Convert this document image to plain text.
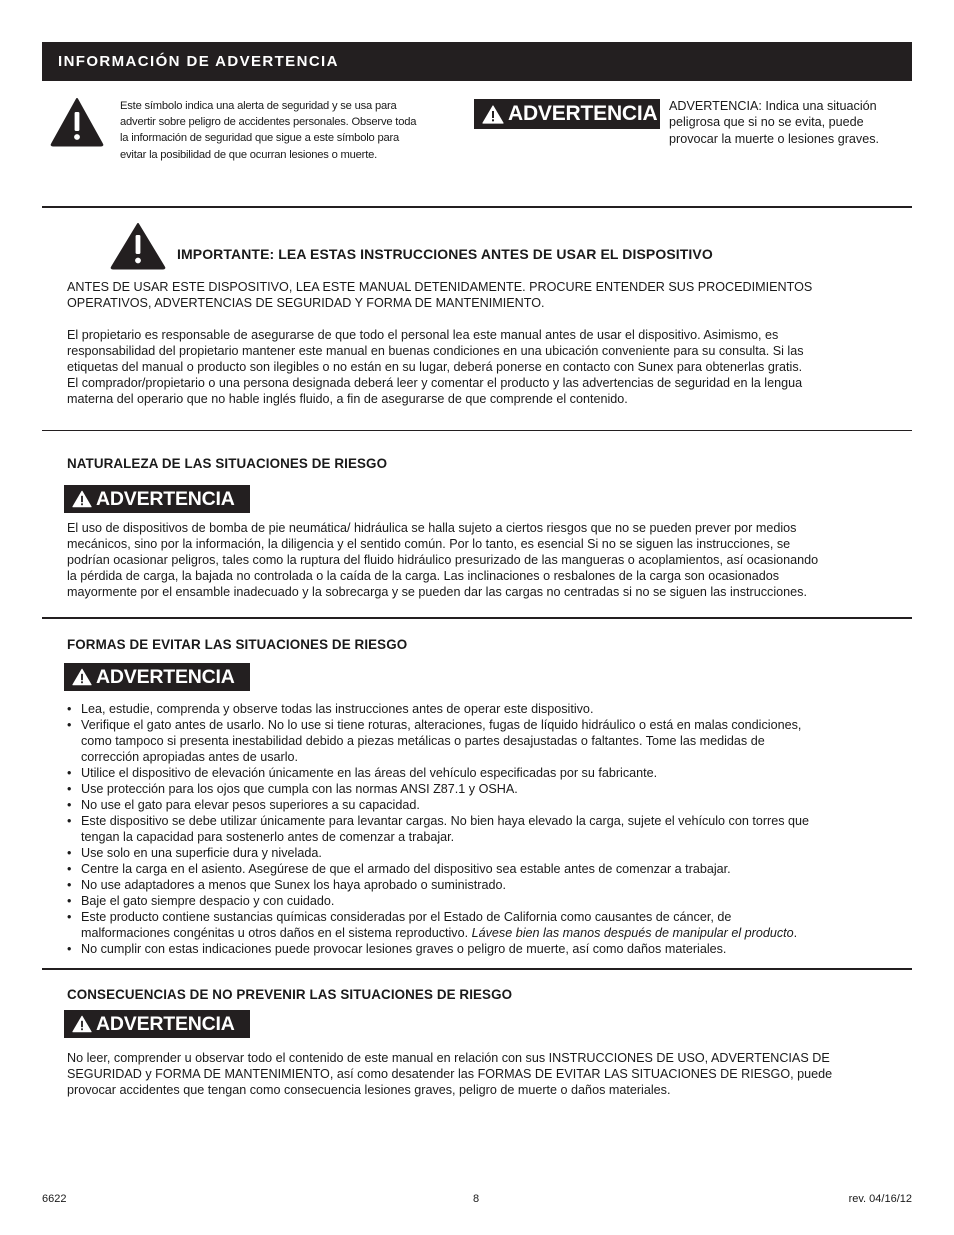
INFORMACIÓN DE ADVERTENCIA
Este símbolo indica una alerta de seguridad y se usa para
advertir sobre peligro de accidentes personales. Observe toda
la información de seguridad que sigue a este símbolo para
evitar la posibilidad de que ocurran lesiones o muerte.
ADVERTENCIA ADVERTENCIA: Indica una situación
peligrosa que si no se evita, puede
provocar la muerte o lesiones graves.
IMPORTANTE: LEA ESTAS INSTRUCCIONES ANTES DE USAR EL DISPOSITIVO
ANTES DE USAR ESTE DISPOSITIVO, LEA ESTE MANUAL DETENIDAMENTE. PROCURE ENTENDER SUS PROCEDIMIENTOS
OPERATIVOS, ADVERTENCIAS DE SEGURIDAD Y FORMA DE MANTENIMIENTO.
El propietario es responsable de asegurarse de que todo el personal lea este manual antes de usar el dispositivo. Asimismo, es
responsabilidad del propietario mantener este manual en buenas condiciones en una ubicación conveniente para su consulta. Si las
etiquetas del manual o producto son ilegibles o no están en su lugar, deberá ponerse en contacto con Sunex para obtenerlas gratis.
El comprador/propietario o una persona designada deberá leer y comentar el producto y las advertencias de seguridad en la lengua
materna del operario que no hable inglés fluido, a fin de asegurarse de que comprende el contenido.
NATURALEZA DE LAS SITUACIONES DE RIESGO
ADVERTENCIA
El uso de dispositivos de bomba de pie neumática/ hidráulica se halla sujeto a ciertos riesgos que no se pueden prever por medios
mecánicos, sino por la información, la diligencia y el sentido común. Por lo tanto, es esencial Si no se siguen las instrucciones, se
podrían ocasionar peligros, tales como la ruptura del fluido hidráulico presurizado de las mangueras o acoplamientos, así ocasionando
la pérdida de carga, la bajada no controlada o la caída de la carga. Las inclinaciones o resbalones de la carga son ocasionados
mayormente por el ensamble inadecuado y la sobrecarga y se pueden dar las cargas no centradas si no se siguen las instrucciones.
FORMAS DE EVITAR LAS SITUACIONES DE RIESGO
ADVERTENCIA
• Lea, estudie, comprenda y observe todas las instrucciones antes de operar este dispositivo.
• Verifique el gato antes de usarlo. No lo use si tiene roturas, alteraciones, fugas de líquido hidráulico o está en malas condiciones,
como tampoco si presenta inestabilidad debido a piezas metálicas o partes desajustadas o faltantes. Tome las medidas de
corrección apropiadas antes de usarlo.
• Utilice el dispositivo de elevación únicamente en las áreas del vehículo especificadas por su fabricante.
• Use protección para los ojos que cumpla con las normas ANSI Z87.1 y OSHA.
• No use el gato para elevar pesos superiores a su capacidad.
• Este dispositivo se debe utilizar únicamente para levantar cargas. No bien haya elevado la carga, sujete el vehículo con torres que
tengan la capacidad para sostenerlo antes de comenzar a trabajar.
• Use solo en una superficie dura y nivelada.
• Centre la carga en el asiento. Asegúrese de que el armado del dispositivo sea estable antes de comenzar a trabajar.
• No use adaptadores a menos que Sunex los haya aprobado o suministrado.
• Baje el gato siempre despacio y con cuidado.
• Este producto contiene sustancias químicas consideradas por el Estado de California como causantes de cáncer, de
malformaciones congénitas u otros daños en el sistema reproductivo. Lávese bien las manos después de manipular el producto.
• No cumplir con estas indicaciones puede provocar lesiones graves o peligro de muerte, así como daños materiales.
CONSECUENCIAS DE NO PREVENIR LAS SITUACIONES DE RIESGO
ADVERTENCIA
No leer, comprender u observar todo el contenido de este manual en relación con sus INSTRUCCIONES DE USO, ADVERTENCIAS DE
SEGURIDAD y FORMA DE MANTENIMIENTO, así como desatender las FORMAS DE EVITAR LAS SITUACIONES DE RIESGO, puede
provocar accidentes que tengan como consecuencia lesiones graves, peligro de muerte o daños materiales.
6622	8	rev. 04/16/12
